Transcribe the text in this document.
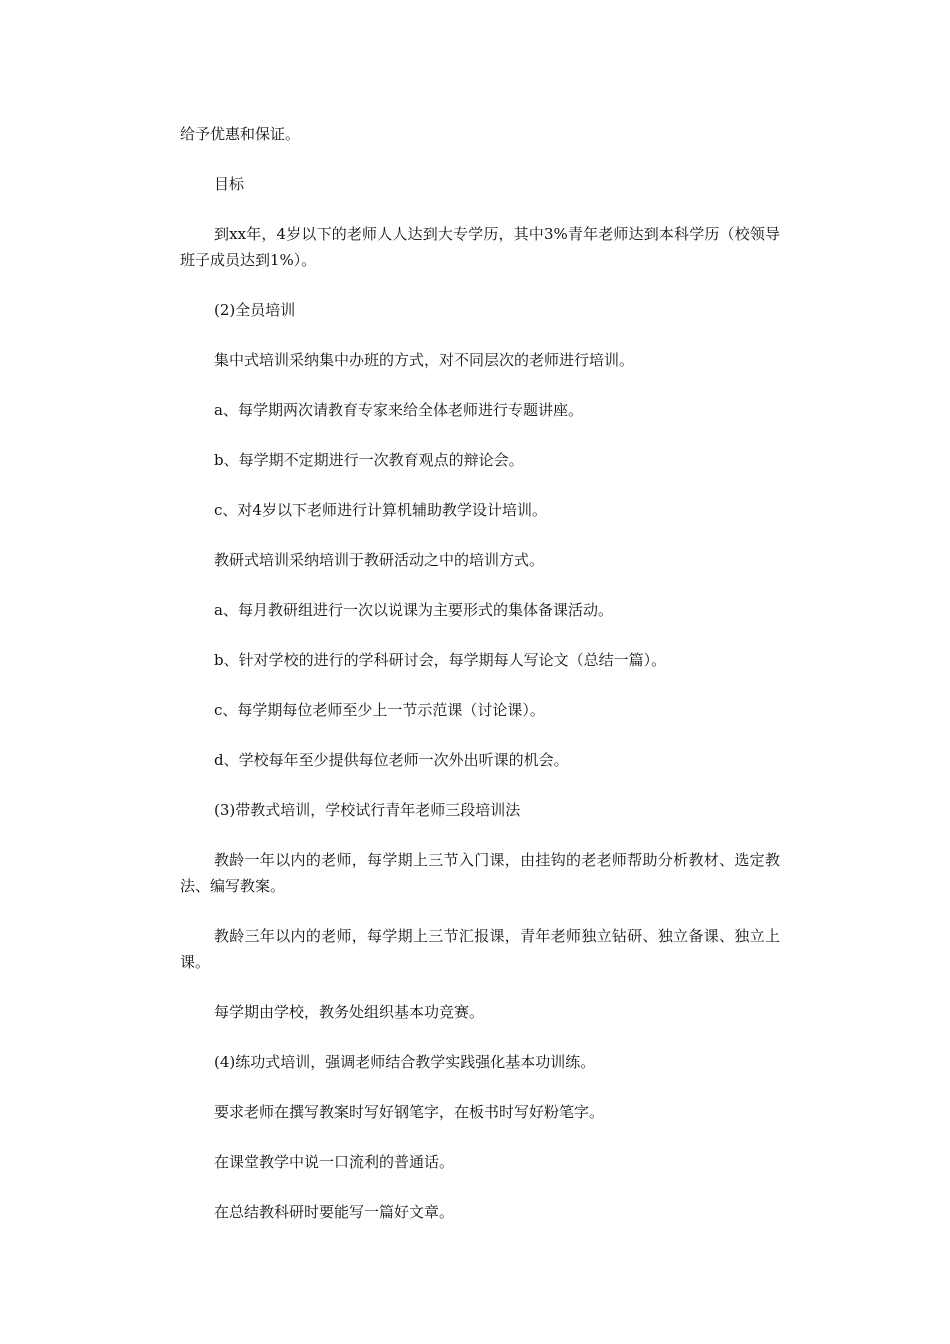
给予优惠和保证。

目标

到xx年，4岁以下的老师人人达到大专学历，其中3%青年老师达到本科学历（校领导班子成员达到1%）。

(2)全员培训

集中式培训采纳集中办班的方式，对不同层次的老师进行培训。

a、每学期两次请教育专家来给全体老师进行专题讲座。

b、每学期不定期进行一次教育观点的辩论会。

c、对4岁以下老师进行计算机辅助教学设计培训。

教研式培训采纳培训于教研活动之中的培训方式。

a、每月教研组进行一次以说课为主要形式的集体备课活动。

b、针对学校的进行的学科研讨会，每学期每人写论文（总结一篇）。

c、每学期每位老师至少上一节示范课（讨论课）。

d、学校每年至少提供每位老师一次外出听课的机会。

(3)带教式培训，学校试行青年老师三段培训法

教龄一年以内的老师，每学期上三节入门课，由挂钩的老老师帮助分析教材、选定教法、编写教案。

教龄三年以内的老师，每学期上三节汇报课，青年老师独立钻研、独立备课、独立上课。

每学期由学校，教务处组织基本功竞赛。

(4)练功式培训，强调老师结合教学实践强化基本功训练。

要求老师在撰写教案时写好钢笔字，在板书时写好粉笔字。

在课堂教学中说一口流利的普通话。

在总结教科研时要能写一篇好文章。
